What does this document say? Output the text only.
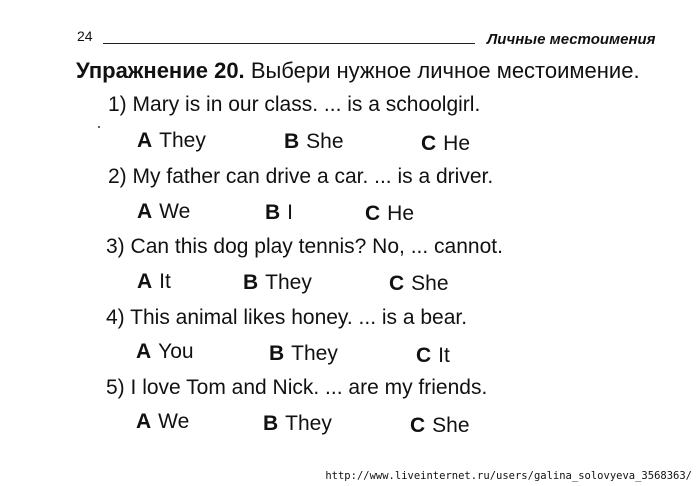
24	Личные местоимения
Упражнение 20. Выбери нужное личное местоимение.
1) Mary is in our class. ... is a schoolgirl.
A They	B She	C He
2) My father can drive a car. ... is a driver.
A We	B I	C He
3) Can this dog play tennis? No, ... cannot.
A It	B They	C She
4) This animal likes honey. ... is a bear.
A You	B They	C It
5) I love Tom and Nick. ... are my friends.
A We	B They	C She
http://www.liveinternet.ru/users/galina_solovyeva_3568363/
